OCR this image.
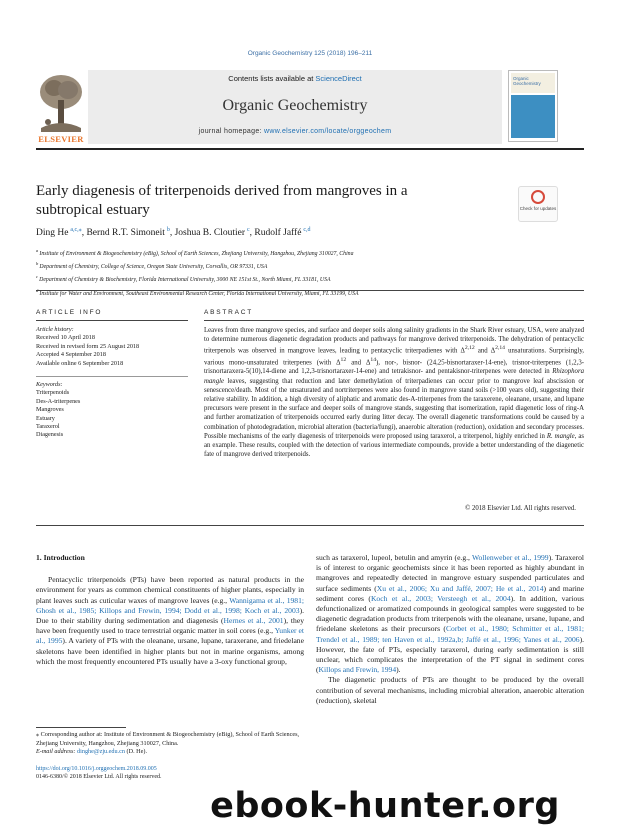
Organic Geochemistry 125 (2018) 196–211
Contents lists available at ScienceDirect
Organic Geochemistry
journal homepage: www.elsevier.com/locate/orggeochem
ELSEVIER
Organic Geochemistry
Early diagenesis of triterpenoids derived from mangroves in a subtropical estuary	Check for updates
Ding He  $^{a,c,⁎}$, Bernd R.T. Simoneit  $^b$, Joshua B. Cloutier  $^c$, Rudolf Jaffé  $^{c,d}$
$^a$ Institute of Environment & Biogeochemistry (eBig), School of Earth Sciences, Zhejiang University, Hangzhou, Zhejiang 310027, China
$^b$ Department of Chemistry, College of Science, Oregon State University, Corvallis, OR 97331, USA
$^c$ Department of Chemistry & Biochemistry, Florida International University, 3000 NE 151st St., North Miami, FL 33181, USA
 Institute for Water and Environment, Southeast Environmental Research Center, Florida International University, Miami, FL 33199, USA
ARTICLE INFO
Article history:
Received 10 April 2018
Received in revised form 25 August 2018
Accepted 4 September 2018
Available online 6 September 2018
Keywords:
Triterpenoids
Des-A-triterpenes
Mangroves
Estuary
Taraxerol
Diagenesis
ABSTRACT
Leaves from three mangrove species, and surface and deeper soils along salinity gradients in the Shark River estuary, USA, were analyzed to determine numerous diagenetic degradation products and pathways for mangrove derived triterpenoids. The dehydration of pentacyclic triterpenols was observed in mangrove leaves, leading to pentacyclic triterpadienes with Δ$^{2,12}$ and Δ$^{2,14}$ unsaturations. Surprisingly, various mono-unsaturated triterpenes (with $\Delta^{12}$ and $\Delta^{14}$), nor-, bisnor- (24,25-bisnortaraxer-14-ene), trisnor-triterpenes (1,2,3-trisnortaraxera-5(10),14-diene and 1,2,3-trisnortaraxer-14-ene) and tetrakisnor- and pentakisnor-triterpenes were detected in Rhizophora mangle leaves, suggesting that reduction and later demethylation of triterpadienes can occur prior to mangrove leaf abscission or senescence/death. Most of the unsaturated and nortriterpenes were also found in mangrove stand soils (>100 years old), suggesting their relative stability. In addition, a high diversity of aliphatic and aromatic des-A-triterpenes from the taraxerene, oleanane, ursane, and lupane precursors were present in the surface and deeper soils of mangrove stands, suggesting that isomerization, rapid diagenetic loss of ring-A and further aromatization of triterpenoids occurred early during litter decay. The overall diagenetic transformations could be caused by a combination of photodegradation, microbial alteration (bacteria/fungi), anaerobic alteration (reduction), oxidation and secondary processes. Possible mechanisms of the early diagenesis of triterpenoids were proposed using taraxerol, a triterpenol, highly enriched in R. mangle, as an example. These results, coupled with the detection of various intermediate compounds, provide a better understanding of the diagenetic fate of mangrove derived triterpenoids.
© 2018 Elsevier Ltd. All rights reserved.
1. Introduction

Pentacyclic triterpenoids (PTs) have been reported as natural products in the environment for years as common chemical constituents of higher plants, especially in plant leaves such as cuticular waxes of mangrove leaves (e.g., Wannigama et al., 1981; Ghosh et al., 1985; Killops and Frewin, 1994; Dodd et al., 1998; Koch et al., 2003). Due to their stability during sedimentation and diagenesis (Hernes et al., 2001), they have been frequently used to trace terrestrial organic matter in soil cores (e.g., Yunker et al., 1995). A variety of PTs with the oleanane, ursane, lupane, taraxerane, and friedelane skeletons have been identified in higher plants but not in marine organisms, among which the most frequently encountered PTs usually have a 3-oxy functional group,

such as taraxerol, lupeol, betulin and amyrin (e.g., Wollenweber et al., 1999). Taraxerol is of interest to organic geochemists since it has been reported as highly abundant in mangroves and repeatedly detected in mangrove estuary suspended particulates and surface sediments (Xu et al., 2006; Xu and Jaffé, 2007; He et al., 2014) and marine sediment cores (Koch et al., 2003; Versteegh et al., 2004). In addition, various defunctionalized or aromatized compounds in geological samples were suggested to be diagenetic degradation products from triterpenols with the oleanane, ursane, lupane, and friedelane skeletons as their precursors (Corbet et al., 1980; Schmitter et al., 1981; Trendel et al., 1989; ten Haven et al., 1992a,b; Jaffé et al., 1996; Yanes et al., 2006). However, the fate of PTs, especially taraxerol, during early sedimentation is still unclear, which complicates the interpretation of the PT signal in sediment cores (Killops and Frewin, 1994).

The diagenetic products of PTs are thought to be produced by the overall contribution of several mechanisms, including microbial alteration, anaerobic alteration (reduction), skeletal

⁎ Corresponding author at: Institute of Environment & Biogeochemistry (eBig), School of Earth Sciences, Zhejiang University, Hangzhou, Zhejiang 310027, China.
E-mail address: dinghe@zju.edu.cn (D. He).
https://doi.org/10.1016/j.orggeochem.2018.09.005
0146-6380/© 2018 Elsevier Ltd. All rights reserved.
ebook-hunter.org
